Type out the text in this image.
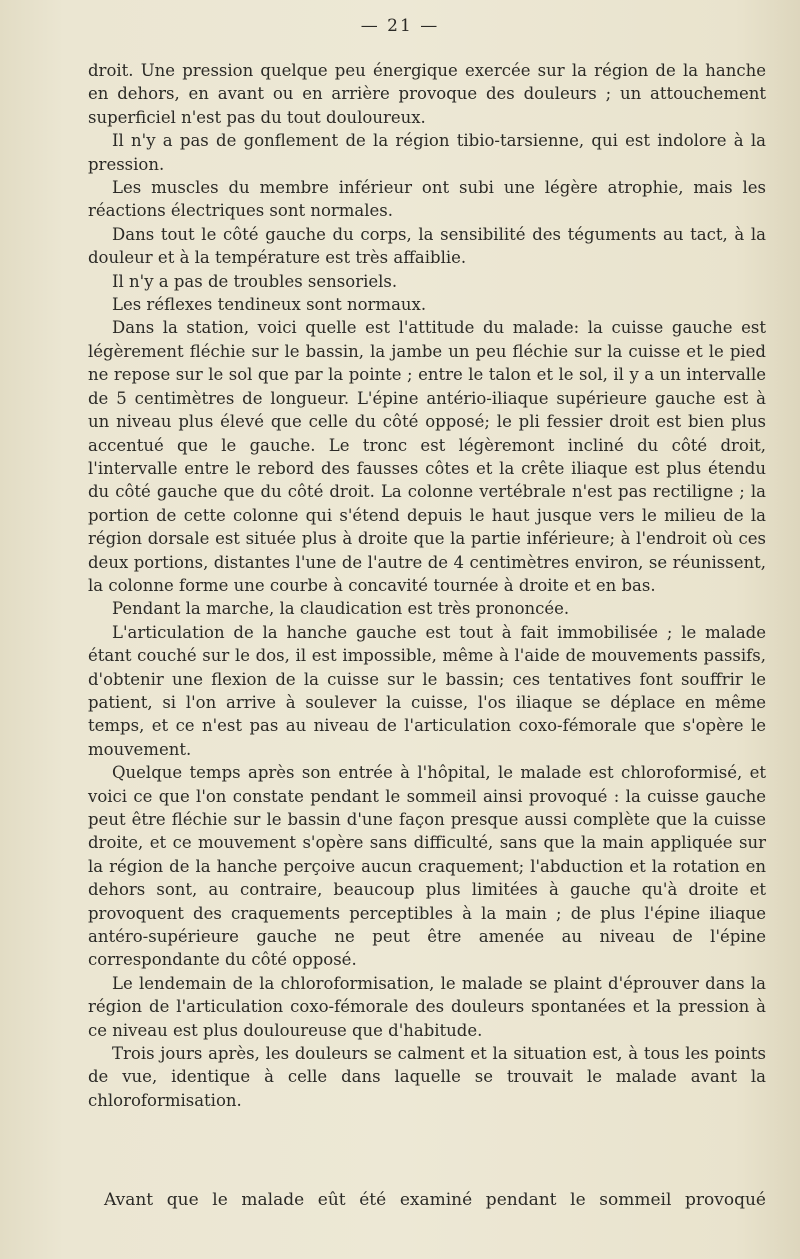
— 21 —

droit. Une pression quelque peu énergique exercée sur la région de la hanche en dehors, en avant ou en arrière provoque des douleurs ; un attouchement superficiel n'est pas du tout douloureux.

Il n'y a pas de gonflement de la région tibio-tarsienne, qui est indolore à la pression.

Les muscles du membre inférieur ont subi une légère atrophie, mais les réactions électriques sont normales.

Dans tout le côté gauche du corps, la sensibilité des téguments au tact, à la douleur et à la température est très affaiblie.

Il n'y a pas de troubles sensoriels.

Les réflexes tendineux sont normaux.

Dans la station, voici quelle est l'attitude du malade: la cuisse gauche est légèrement fléchie sur le bassin, la jambe un peu fléchie sur la cuisse et le pied ne repose sur le sol que par la pointe ; entre le talon et le sol, il y a un intervalle de 5 centimètres de longueur. L'épine antério-iliaque supérieure gauche est à un niveau plus élevé que celle du côté opposé; le pli fessier droit est bien plus accentué que le gauche. Le tronc est légèremont incliné du côté droit, l'intervalle entre le rebord des fausses côtes et la crête iliaque est plus étendu du côté gauche que du côté droit. La colonne vertébrale n'est pas rectiligne ; la portion de cette colonne qui s'étend depuis le haut jusque vers le milieu de la région dorsale est située plus à droite que la partie inférieure; à l'endroit où ces deux portions, distantes l'une de l'autre de 4 centimètres environ, se réunissent, la colonne forme une courbe à concavité tournée à droite et en bas.

Pendant la marche, la claudication est très prononcée.

L'articulation de la hanche gauche est tout à fait immobilisée ; le malade étant couché sur le dos, il est impossible, même à l'aide de mouvements passifs, d'obtenir une flexion de la cuisse sur le bassin; ces tentatives font souffrir le patient, si l'on arrive à soulever la cuisse, l'os iliaque se déplace en même temps, et ce n'est pas au niveau de l'articulation coxo-fémorale que s'opère le mouvement.

Quelque temps après son entrée à l'hôpital, le malade est chloroformisé, et voici ce que l'on constate pendant le sommeil ainsi provoqué : la cuisse gauche peut être fléchie sur le bassin d'une façon presque aussi complète que la cuisse droite, et ce mouvement s'opère sans difficulté, sans que la main appliquée sur la région de la hanche perçoive aucun craquement; l'abduction et la rotation en dehors sont, au contraire, beaucoup plus limitées à gauche qu'à droite et provoquent des craquements perceptibles à la main ; de plus l'épine iliaque antéro-supérieure gauche ne peut être amenée au niveau de l'épine correspondante du côté opposé.

Le lendemain de la chloroformisation, le malade se plaint d'éprouver dans la région de l'articulation coxo-fémorale des douleurs spontanées et la pression à ce niveau est plus douloureuse que d'habitude.

Trois jours après, les douleurs se calment et la situation est, à tous les points de vue, identique à celle dans laquelle se trouvait le malade avant la chloroformisation.

Avant que le malade eût été examiné pendant le sommeil provoqué
